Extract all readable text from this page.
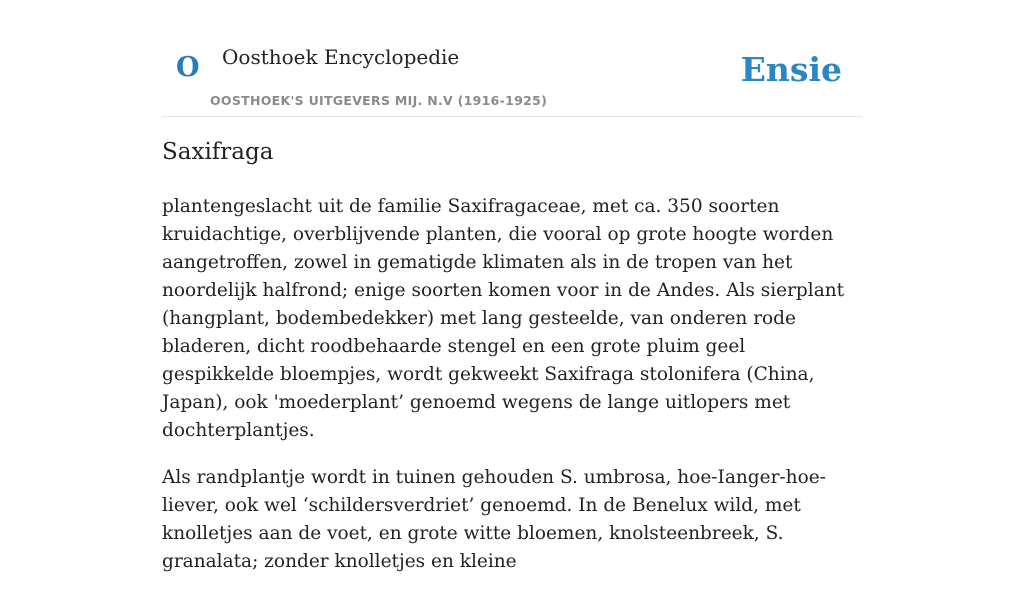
O Oosthoek Encyclopedie
OOSTHOEK'S UITGEVERS MIJ. N.V (1916-1925)
Ensie
Saxifraga

plantengeslacht uit de familie Saxifragaceae, met ca. 350 soorten kruidachtige, overblijvende planten, die vooral op grote hoogte worden aangetroffen, zowel in gematigde klimaten als in de tropen van het noordelijk halfrond; enige soorten komen voor in de Andes. Als sierplant (hangplant, bodembedekker) met lang gesteelde, van onderen rode bladeren, dicht roodbehaarde stengel en een grote pluim geel gespikkelde bloempjes, wordt gekweekt Saxifraga stolonifera (China, Japan), ook 'moederplant’ genoemd wegens de lange uitlopers met dochterplantjes.

Als randplantje wordt in tuinen gehouden S. umbrosa, hoe-Ianger-hoe-liever, ook wel ‘schildersverdriet’ genoemd. In de Benelux wild, met knolletjes aan de voet, en grote witte bloemen, knolsteenbreek, S. granalata; zonder knolletjes en kleine
